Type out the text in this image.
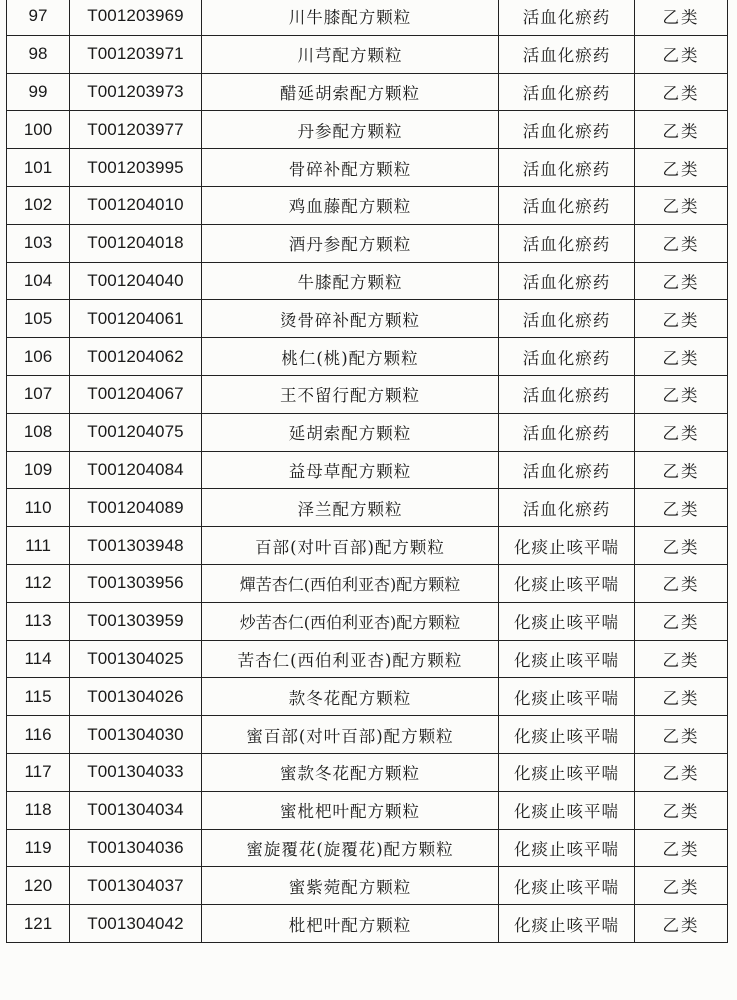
97	T001203969	川牛膝配方颗粒	活血化瘀药	乙类
98	T001203971	川芎配方颗粒	活血化瘀药	乙类
99	T001203973	醋延胡索配方颗粒	活血化瘀药	乙类
100	T001203977	丹参配方颗粒	活血化瘀药	乙类
101	T001203995	骨碎补配方颗粒	活血化瘀药	乙类
102	T001204010	鸡血藤配方颗粒	活血化瘀药	乙类
103	T001204018	酒丹参配方颗粒	活血化瘀药	乙类
104	T001204040	牛膝配方颗粒	活血化瘀药	乙类
105	T001204061	烫骨碎补配方颗粒	活血化瘀药	乙类
106	T001204062	桃仁(桃)配方颗粒	活血化瘀药	乙类
107	T001204067	王不留行配方颗粒	活血化瘀药	乙类
108	T001204075	延胡索配方颗粒	活血化瘀药	乙类
109	T001204084	益母草配方颗粒	活血化瘀药	乙类
110	T001204089	泽兰配方颗粒	活血化瘀药	乙类
111	T001303948	百部(对叶百部)配方颗粒	化痰止咳平喘	乙类
112	T001303956	燀苦杏仁(西伯利亚杏)配方颗粒	化痰止咳平喘	乙类
113	T001303959	炒苦杏仁(西伯利亚杏)配方颗粒	化痰止咳平喘	乙类
114	T001304025	苦杏仁(西伯利亚杏)配方颗粒	化痰止咳平喘	乙类
115	T001304026	款冬花配方颗粒	化痰止咳平喘	乙类
116	T001304030	蜜百部(对叶百部)配方颗粒	化痰止咳平喘	乙类
117	T001304033	蜜款冬花配方颗粒	化痰止咳平喘	乙类
118	T001304034	蜜枇杷叶配方颗粒	化痰止咳平喘	乙类
119	T001304036	蜜旋覆花(旋覆花)配方颗粒	化痰止咳平喘	乙类
120	T001304037	蜜紫菀配方颗粒	化痰止咳平喘	乙类
121	T001304042	枇杷叶配方颗粒	化痰止咳平喘	乙类
